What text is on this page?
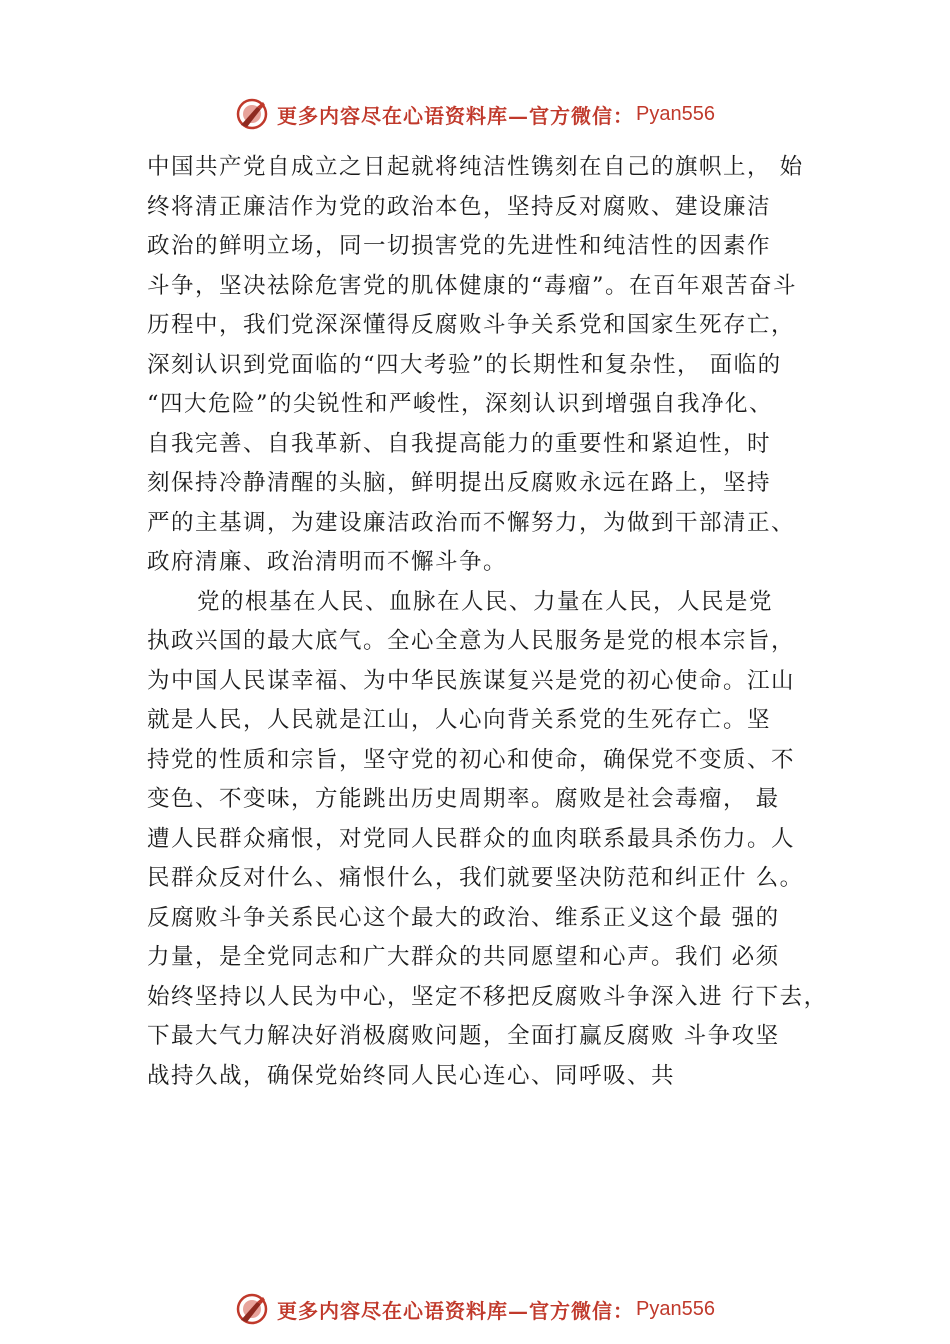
更多内容尽在心语资料库—官方微信： Pyan556
中国共产党自成立之日起就将纯洁性镌刻在自己的旗帜上， 始
终将清正廉洁作为党的政治本色，坚持反对腐败、建设廉洁
政治的鲜明立场，同一切损害党的先进性和纯洁性的因素作
斗争，坚决祛除危害党的肌体健康的“毒瘤”。在百年艰苦奋斗
历程中，我们党深深懂得反腐败斗争关系党和国家生死存亡，
深刻认识到党面临的“四大考验”的长期性和复杂性， 面临的
“四大危险”的尖锐性和严峻性，深刻认识到增强自我净化、
自我完善、自我革新、自我提高能力的重要性和紧迫性，时
刻保持冷静清醒的头脑，鲜明提出反腐败永远在路上，坚持
严的主基调，为建设廉洁政治而不懈努力，为做到干部清正、
政府清廉、政治清明而不懈斗争。
党的根基在人民、血脉在人民、力量在人民，人民是党
执政兴国的最大底气。全心全意为人民服务是党的根本宗旨，
为中国人民谋幸福、为中华民族谋复兴是党的初心使命。江山
就是人民，人民就是江山，人心向背关系党的生死存亡。坚
持党的性质和宗旨，坚守党的初心和使命，确保党不变质、不
变色、不变味，方能跳出历史周期率。腐败是社会毒瘤， 最
遭人民群众痛恨，对党同人民群众的血肉联系最具杀伤力。人
民群众反对什么、痛恨什么，我们就要坚决防范和纠正什 么。
反腐败斗争关系民心这个最大的政治、维系正义这个最 强的
力量，是全党同志和广大群众的共同愿望和心声。我们 必须
始终坚持以人民为中心，坚定不移把反腐败斗争深入进 行下去，
下最大气力解决好消极腐败问题，全面打赢反腐败 斗争攻坚
战持久战，确保党始终同人民心连心、同呼吸、共
更多内容尽在心语资料库—官方微信： Pyan556
